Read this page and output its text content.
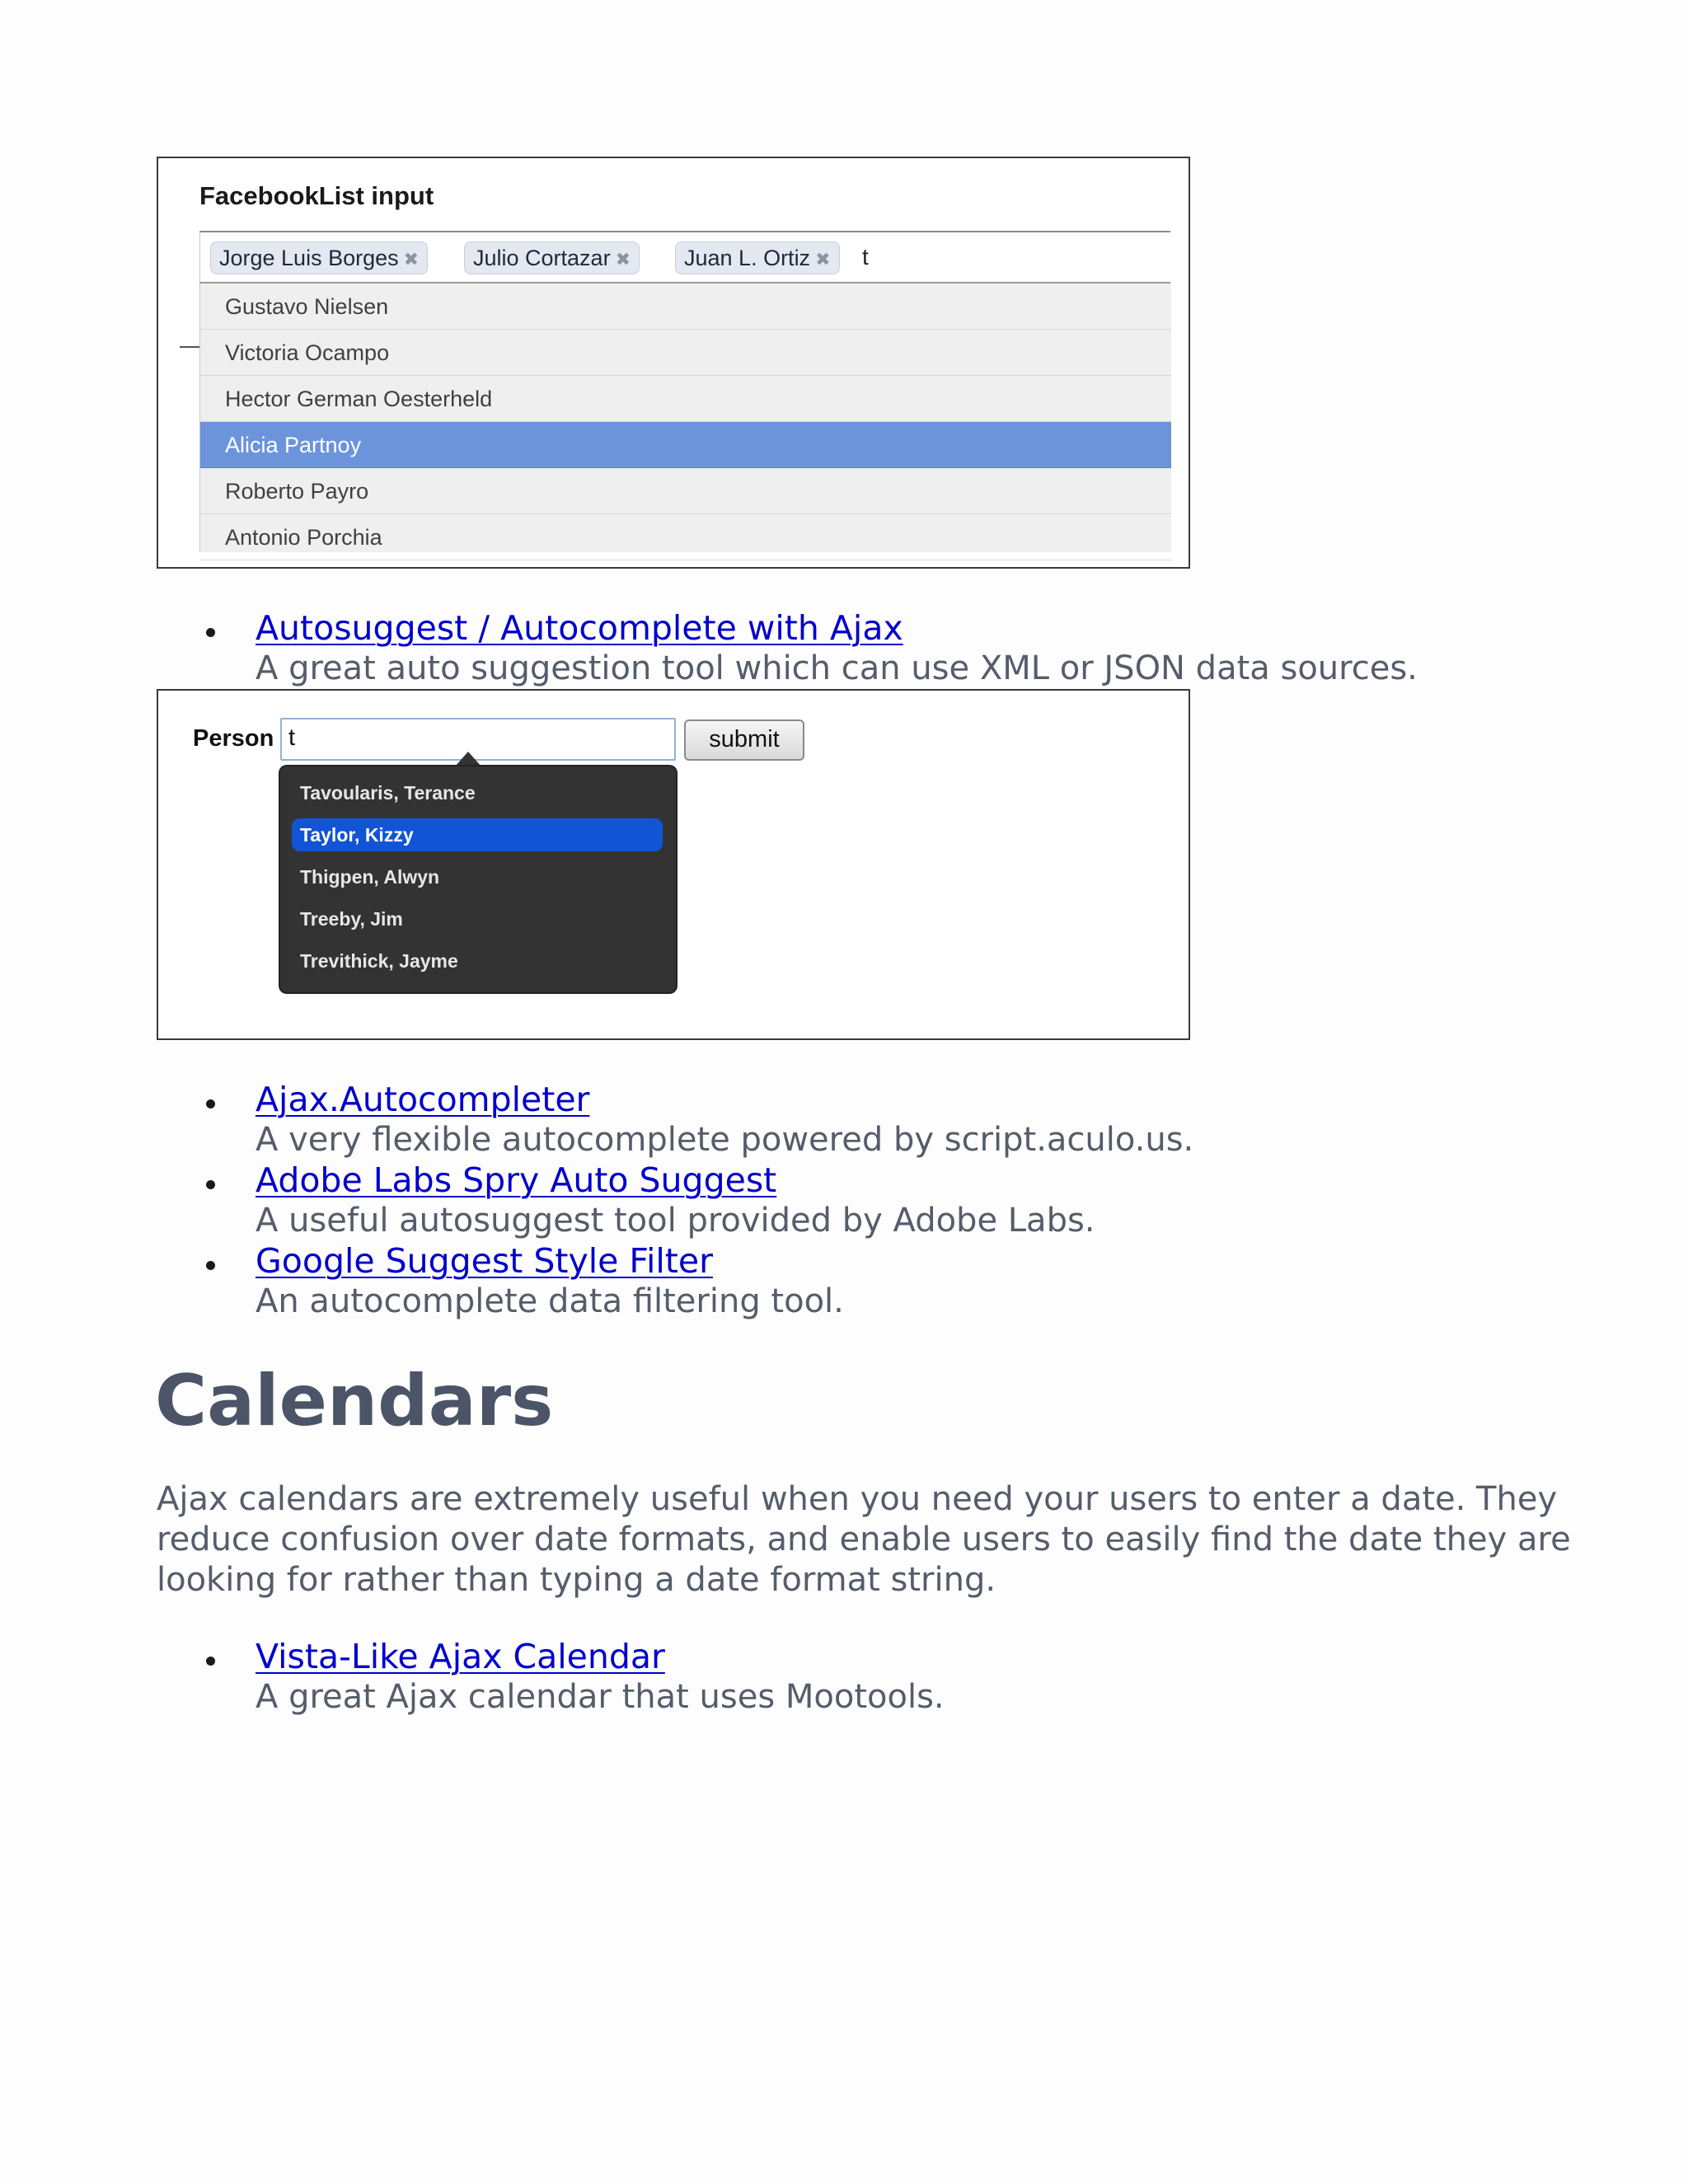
FacebookList input
Jorge Luis Borges ✖	Julio Cortazar ✖	Juan L. Ortiz ✖	t
Gustavo Nielsen
Victoria Ocampo
Hector German Oesterheld
Alicia Partnoy
Roberto Payro
Antonio Porchia
Autosuggest / Autocomplete with Ajax
A great auto suggestion tool which can use XML or JSON data sources.
Person t	submit
Tavoularis, Terance
Taylor, Kizzy
Thigpen, Alwyn
Treeby, Jim
Trevithick, Jayme
Ajax.Autocompleter
A very flexible autocomplete powered by script.aculo.us.
Adobe Labs Spry Auto Suggest
A useful autosuggest tool provided by Adobe Labs.
Google Suggest Style Filter
An autocomplete data filtering tool.
Calendars
Ajax calendars are extremely useful when you need your users to enter a date. They reduce confusion over date formats, and enable users to easily find the date they are looking for rather than typing a date format string.
Vista-Like Ajax Calendar
A great Ajax calendar that uses Mootools.
